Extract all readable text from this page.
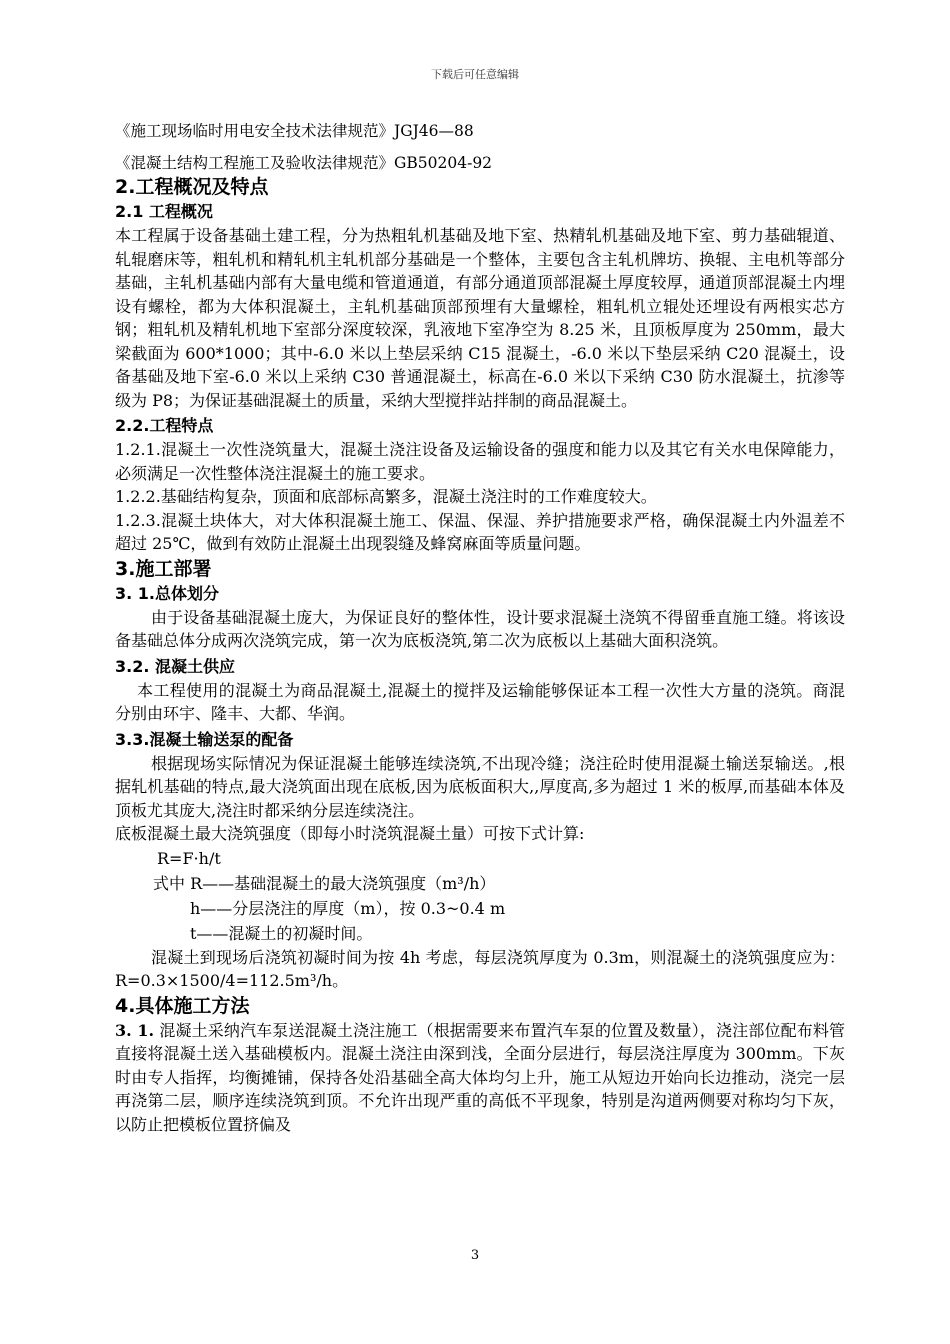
下载后可任意编辑

《施工现场临时用电安全技术法律规范》JGJ46—88

《混凝土结构工程施工及验收法律规范》GB50204-92

2.工程概况及特点
2.1 工程概况

本工程属于设备基础土建工程，分为热粗轧机基础及地下室、热精轧机基础及地下室、剪力基础辊道、轧辊磨床等，粗轧机和精轧机主轧机部分基础是一个整体，主要包含主轧机牌坊、换辊、主电机等部分基础，主轧机基础内部有大量电缆和管道通道，有部分通道顶部混凝土厚度较厚，通道顶部混凝土内埋设有螺栓，都为大体积混凝土，主轧机基础顶部预埋有大量螺栓，粗轧机立辊处还埋设有两根实芯方钢；粗轧机及精轧机地下室部分深度较深，乳液地下室净空为 8.25 米，且顶板厚度为 250mm，最大梁截面为 600*1000；其中-6.0 米以上垫层采纳 C15 混凝土，-6.0 米以下垫层采纳 C20 混凝土，设备基础及地下室-6.0 米以上采纳 C30 普通混凝土，标高在-6.0 米以下采纳 C30 防水混凝土，抗渗等级为 P8；为保证基础混凝土的质量，采纳大型搅拌站拌制的商品混凝土。

2.2.工程特点

1.2.1.混凝土一次性浇筑量大，混凝土浇注设备及运输设备的强度和能力以及其它有关水电保障能力，必须满足一次性整体浇注混凝土的施工要求。

1.2.2.基础结构复杂，顶面和底部标高繁多，混凝土浇注时的工作难度较大。

1.2.3.混凝土块体大，对大体积混凝土施工、保温、保湿、养护措施要求严格，确保混凝土内外温差不超过 25℃，做到有效防止混凝土出现裂缝及蜂窝麻面等质量问题。

3.施工部署
3. 1.总体划分

由于设备基础混凝土庞大，为保证良好的整体性，设计要求混凝土浇筑不得留垂直施工缝。将该设备基础总体分成两次浇筑完成，第一次为底板浇筑,第二次为底板以上基础大面积浇筑。

3.2. 混凝土供应

本工程使用的混凝土为商品混凝土,混凝土的搅拌及运输能够保证本工程一次性大方量的浇筑。商混分别由环宇、隆丰、大都、华润。

3.3.混凝土输送泵的配备

根据现场实际情况为保证混凝土能够连续浇筑,不出现冷缝；浇注砼时使用混凝土输送泵输送。,根据轧机基础的特点,最大浇筑面出现在底板,因为底板面积大,,厚度高,多为超过 1 米的板厚,而基础本体及顶板尤其庞大,浇注时都采纳分层连续浇注。

底板混凝土最大浇筑强度（即每小时浇筑混凝土量）可按下式计算:

R=F·h/t

式中 R——基础混凝土的最大浇筑强度（m³/h）

h——分层浇注的厚度（m），按 0.3~0.4 m

t——混凝土的初凝时间。

混凝土到现场后浇筑初凝时间为按 4h 考虑，每层浇筑厚度为 0.3m，则混凝土的浇筑强度应为：R=0.3×1500/4=112.5m³/h。

4.具体施工方法

3. 1. 混凝土采纳汽车泵送混凝土浇注施工（根据需要来布置汽车泵的位置及数量），浇注部位配布料管直接将混凝土送入基础模板内。混凝土浇注由深到浅，全面分层进行，每层浇注厚度为 300mm。下灰时由专人指挥，均衡摊铺，保持各处沿基础全高大体均匀上升，施工从短边开始向长边推动，浇完一层再浇第二层，顺序连续浇筑到顶。不允许出现严重的高低不平现象，特别是沟道两侧要对称均匀下灰，以防止把模板位置挤偏及

3
